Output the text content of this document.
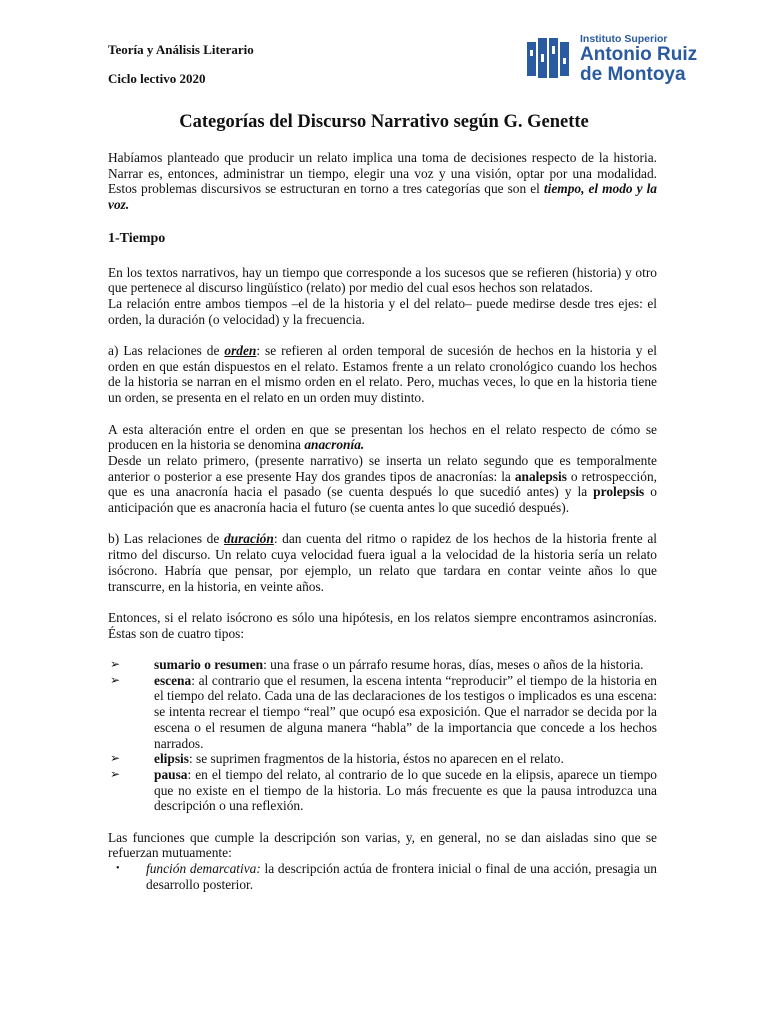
Teoría y Análisis Literario
Ciclo lectivo 2020
Instituto Superior
Antonio Ruiz
de Montoya
Categorías del Discurso Narrativo según G. Genette

Habíamos planteado que producir un relato implica una toma de decisiones respecto de la historia. Narrar es, entonces, administrar un tiempo, elegir una voz y una visión, optar por una modalidad. Estos problemas discursivos se estructuran en torno a tres categorías que son el tiempo, el modo y la voz.

1-Tiempo

En los textos narrativos, hay un tiempo que corresponde a los sucesos que se refieren (historia) y otro que pertenece al discurso lingüístico (relato) por medio del cual esos hechos son relatados.

La relación entre ambos tiempos –el de la historia y el del relato– puede medirse desde tres ejes: el orden, la duración (o velocidad) y la frecuencia.

a) Las relaciones de orden: se refieren al orden temporal de sucesión de hechos en la historia y el orden en que están dispuestos en el relato. Estamos frente a un relato cronológico cuando los hechos de la historia se narran en el mismo orden en el relato. Pero, muchas veces, lo que en la historia tiene un orden, se presenta en el relato en un orden muy distinto.

A esta alteración entre el orden en que se presentan los hechos en el relato respecto de cómo se producen en la historia se denomina anacronía.

Desde un relato primero, (presente narrativo) se inserta un relato segundo que es temporalmente anterior o posterior a ese presente Hay dos grandes tipos de anacronías: la analepsis o retrospección, que es una anacronía hacia el pasado (se cuenta después lo que sucedió antes) y la prolepsis o anticipación que es anacronía hacia el futuro (se cuenta antes lo que sucedió después).

b) Las relaciones de duración: dan cuenta del ritmo o rapidez de los hechos de la historia frente al ritmo del discurso. Un relato cuya velocidad fuera igual a la velocidad de la historia sería un relato isócrono. Habría que pensar, por ejemplo, un relato que tardara en contar veinte años lo que transcurre, en la historia, en veinte años.

Entonces, si el relato isócrono es sólo una hipótesis, en los relatos siempre encontramos asincronías. Éstas son de cuatro tipos:

➢ sumario o resumen: una frase o un párrafo resume horas, días, meses o años de la historia.
➢ escena: al contrario que el resumen, la escena intenta “reproducir” el tiempo de la historia en el tiempo del relato. Cada una de las declaraciones de los testigos o implicados es una escena: se intenta recrear el tiempo “real” que ocupó esa exposición. Que el narrador se decida por la escena o el resumen de alguna manera “habla” de la importancia que concede a los hechos narrados.
➢ elipsis: se suprimen fragmentos de la historia, éstos no aparecen en el relato.
➢ pausa: en el tiempo del relato, al contrario de lo que sucede en la elipsis, aparece un tiempo que no existe en el tiempo de la historia. Lo más frecuente es que la pausa introduzca una descripción o una reflexión.

Las funciones que cumple la descripción son varias, y, en general, no se dan aisladas sino que se refuerzan mutuamente:

• función demarcativa: la descripción actúa de frontera inicial o final de una acción, presagia un desarrollo posterior.
